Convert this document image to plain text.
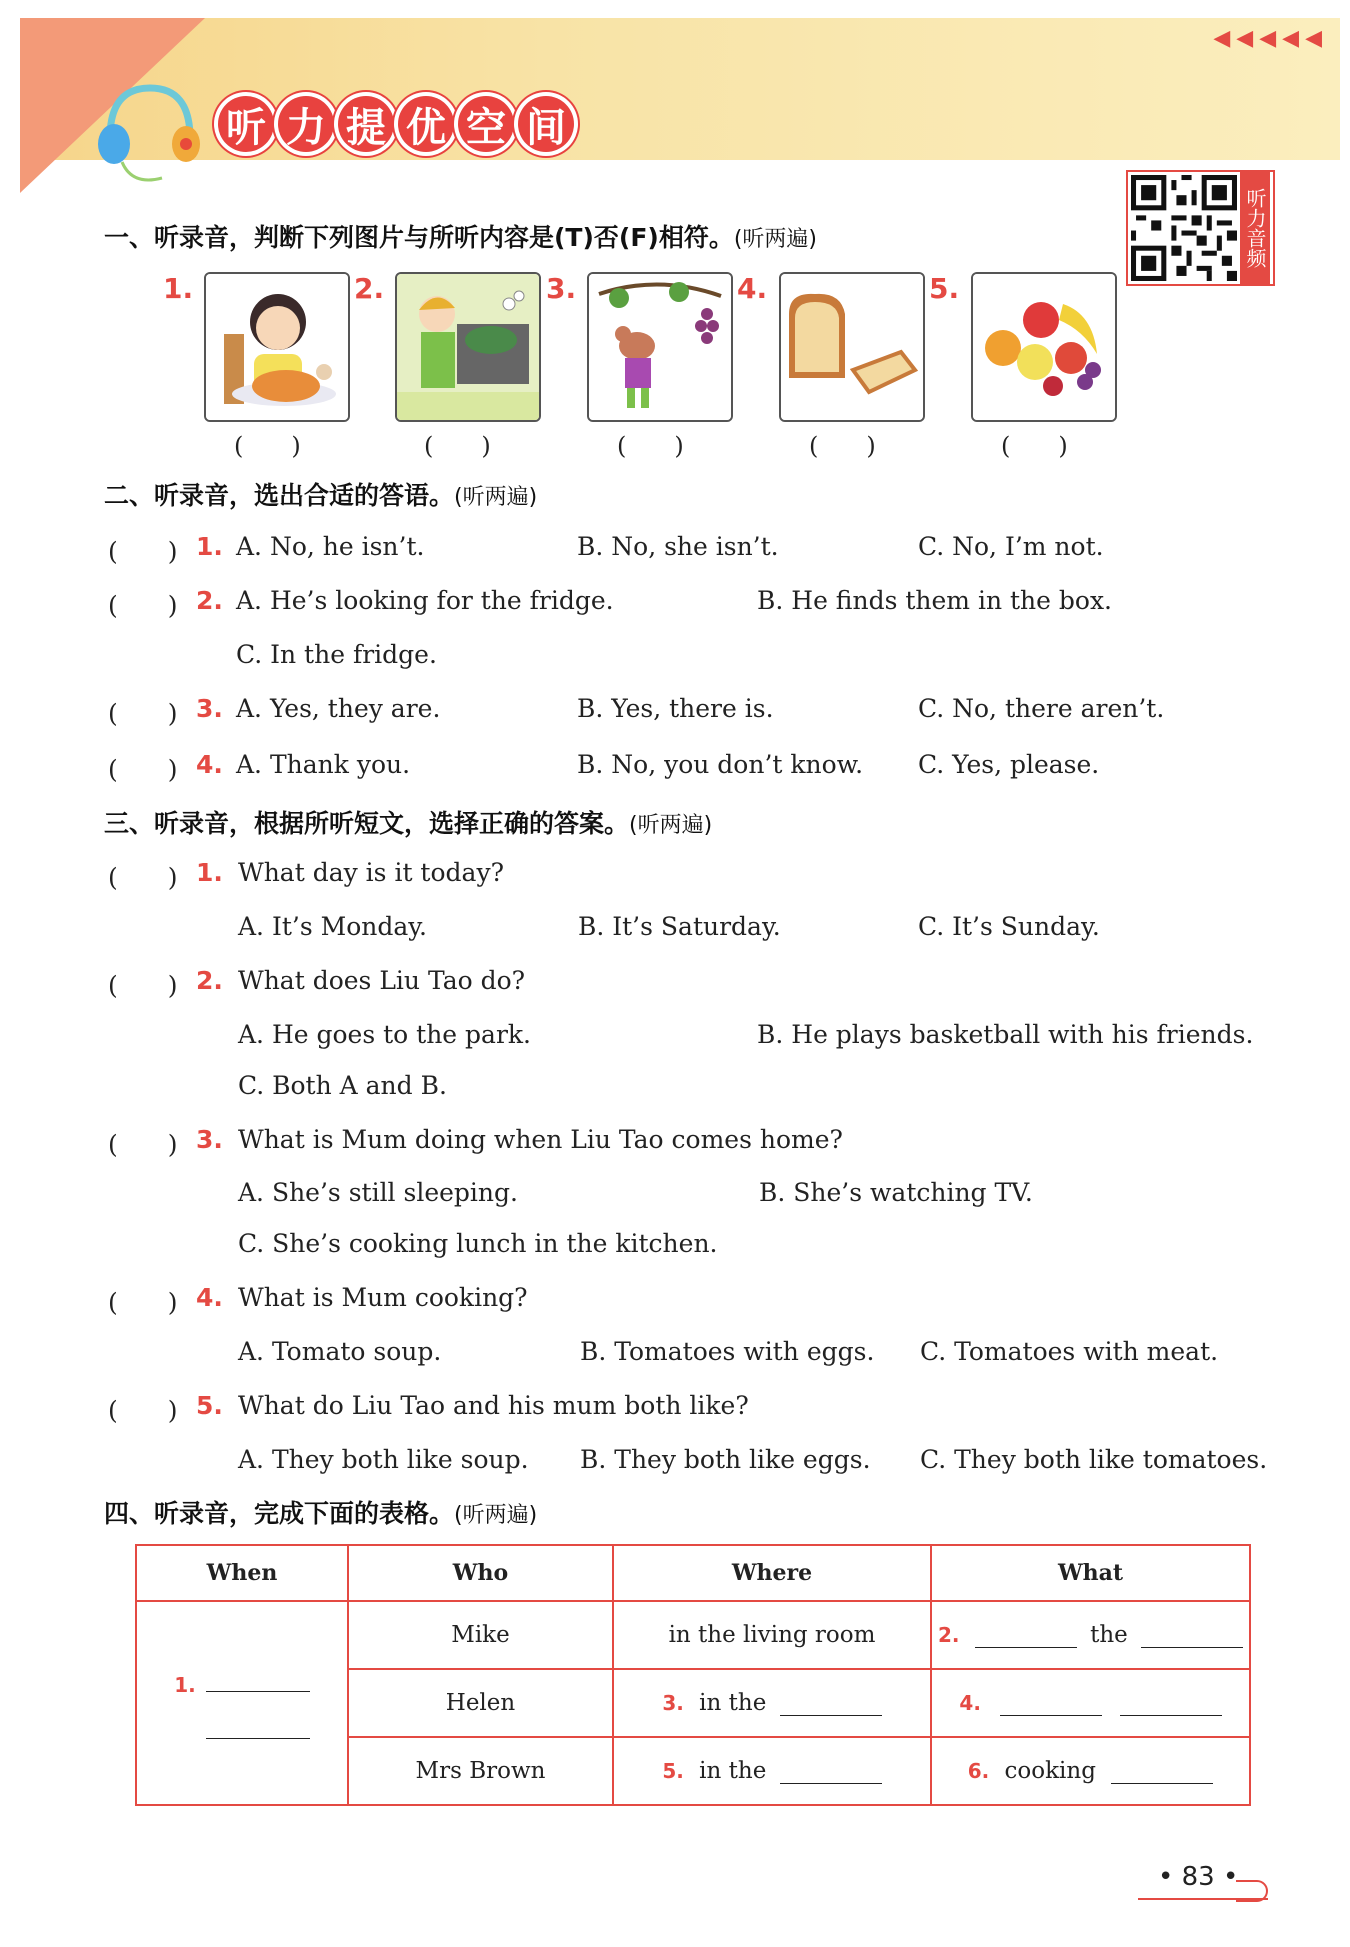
◀◀◀◀◀
听 力 提 优 空 间
听力音频
一、听录音，判断下列图片与所听内容是(T)否(F)相符。(听两遍)
1.
(　　)
2.
(　　)
3.
(　　)
4.
(　　)
5.
(　　)
二、听录音，选出合适的答语。(听两遍)
(　　) 1. A. No, he isn’t.	B. No, she isn’t.	C. No, I’m not.
(　　) 2. A. He’s looking for the fridge.	B. He finds them in the box.
C. In the fridge.
(　　) 3. A. Yes, they are.	B. Yes, there is.	C. No, there aren’t.
(　　) 4. A. Thank you.	B. No, you don’t know. C. Yes, please.
三、听录音，根据所听短文，选择正确的答案。(听两遍)
(　　) 1. What day is it today?
A. It’s Monday.	B. It’s Saturday.	C. It’s Sunday.
(　　) 2. What does Liu Tao do?
A. He goes to the park.	B. He plays basketball with his friends.
C. Both A and B.
(　　) 3. What is Mum doing when Liu Tao comes home?
A. She’s still sleeping.	B. She’s watching TV.
C. She’s cooking lunch in the kitchen.
(　　) 4. What is Mum cooking?
A. Tomato soup.	B. Tomatoes with eggs. C. Tomatoes with meat.
(　　) 5. What do Liu Tao and his mum both like?
A. They both like soup. B. They both like eggs. C. They both like tomatoes.
四、听录音，完成下面的表格。(听两遍)
When	Who	Where	What

1.	Mike	in the living room	2. the
	Helen	3. in the	4.
	Mrs Brown	5. in the	6. cooking
• 83 •
